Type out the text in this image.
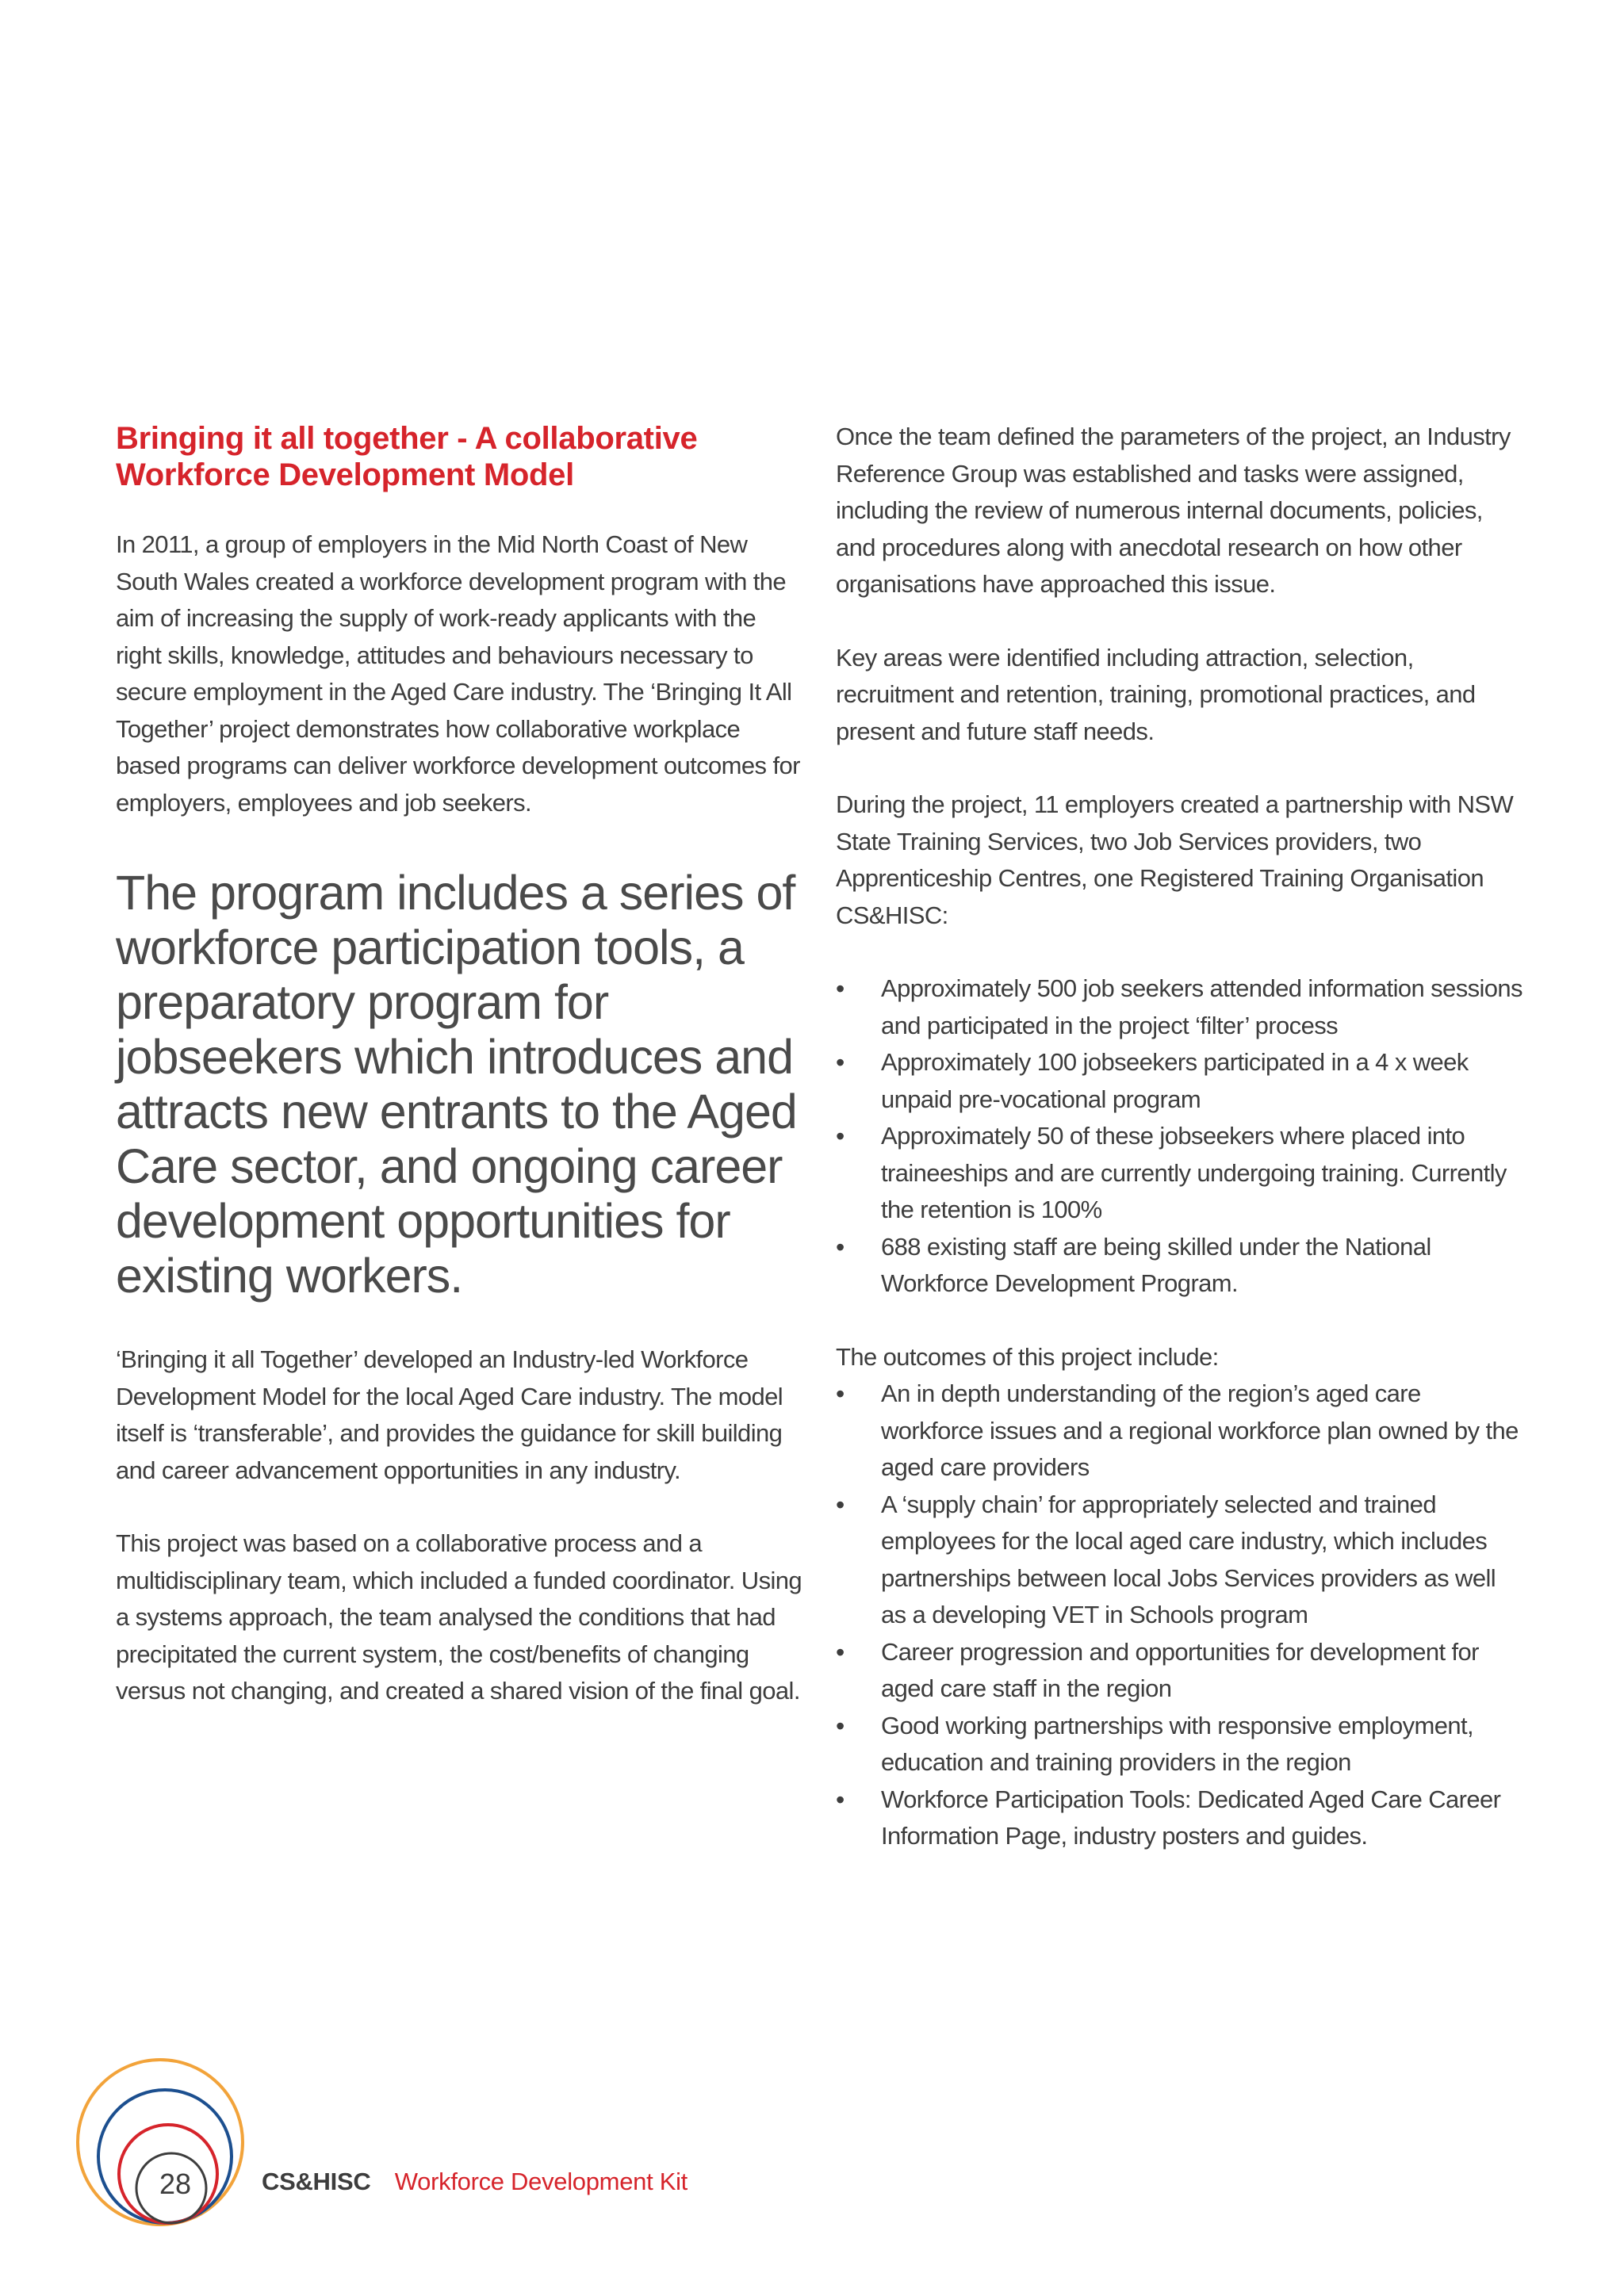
Bringing it all together - A collaborative Workforce Development Model

In 2011, a group of employers in the Mid North Coast of New South Wales created a workforce development program with the aim of increasing the supply of work-ready applicants with the right skills, knowledge, attitudes and behaviours necessary to secure employment in the Aged Care industry. The ‘Bringing It All Together’ project demonstrates how collaborative workplace based programs can deliver workforce development outcomes for employers, employees and job seekers.

The program includes a series of workforce participation tools, a preparatory program for jobseekers which introduces and attracts new entrants to the Aged Care sector, and ongoing career development opportunities for existing workers.

‘Bringing it all Together’ developed an Industry-led Workforce Development Model for the local Aged Care industry. The model itself is ‘transferable’, and provides the guidance for skill building and career advancement opportunities in any industry.

This project was based on a collaborative process and a multidisciplinary team, which included a funded coordinator. Using a systems approach, the team analysed the conditions that had precipitated the current system, the cost/benefits of changing versus not changing, and created a shared vision of the final goal.

Once the team defined the parameters of the project, an Industry Reference Group was established and tasks were assigned, including the review of numerous internal documents, policies, and procedures along with anecdotal research on how other organisations have approached this issue.

Key areas were identified including attraction, selection, recruitment and retention, training, promotional practices, and present and future staff needs.

During the project, 11 employers created a partnership with NSW State Training Services, two Job Services providers, two Apprenticeship Centres, one Registered Training Organisation CS&HISC:

• Approximately 500 job seekers attended information sessions and participated in the project ‘filter’ process
• Approximately 100 jobseekers participated in a 4 x week unpaid pre-vocational program
• Approximately 50 of these jobseekers where placed into traineeships and are currently undergoing training. Currently the retention is 100%
• 688 existing staff are being skilled under the National Workforce Development Program.

The outcomes of this project include:

• An in depth understanding of the region’s aged care workforce issues and a regional workforce plan owned by the aged care providers
• A ‘supply chain’ for appropriately selected and trained employees for the local aged care industry, which includes partnerships between local Jobs Services providers as well as a developing VET in Schools program
• Career progression and opportunities for development for aged care staff in the region
• Good working partnerships with responsive employment, education and training providers in the region
• Workforce Participation Tools: Dedicated Aged Care Career Information Page, industry posters and guides.
28	CS&HISC Workforce Development Kit
